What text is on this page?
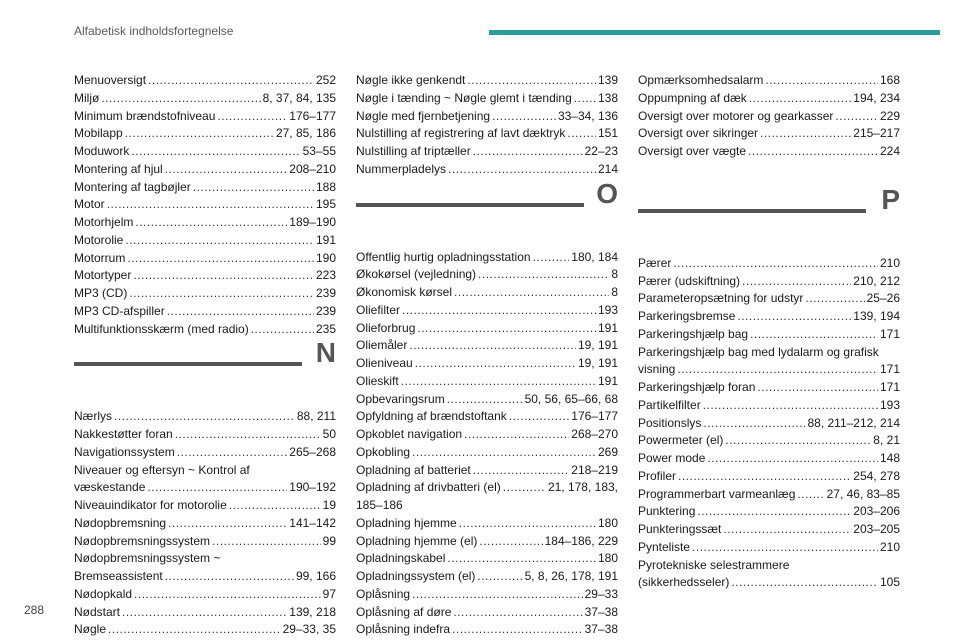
Alfabetisk indholdsfortegnelse
Menuoversigt .....	252
Miljø .....	8, 37, 84, 135
Minimum brændstofniveau .....	176–177
Mobilapp .....	27, 85, 186
Moduwork .....	53–55
Montering af hjul .....	208–210
Montering af tagbøjler .....	188
Motor .....	195
Motorhjelm .....	189–190
Motorolie .....	191
Motorrum .....	190
Motortyper .....	223
MP3 (CD) .....	239
MP3 CD-afspiller .....	239
Multifunktionsskærm (med radio) .....	235
N
Nærlys .....	88, 211
Nakkestøtter foran .....	50
Navigationssystem .....	265–268
Niveauer og eftersyn ~ Kontrol af
væskestande .....	190–192
Niveauindikator for motorolie .....	19
Nødopbremsning .....	141–142
Nødopbremsningssystem .....	99
Nødopbremsningssystem ~
Bremseassistent .....	99, 166
Nødopkald .....	97
Nødstart .....	139, 218
Nøgle .....	29–33, 35
Nøgle ikke genkendt .....	139
Nøgle i tænding ~ Nøgle glemt i tænding ..... 138
Nøgle med fjernbetjening .....	33–34, 136
Nulstilling af registrering af lavt dæktryk .....	151
Nulstilling af triptæller .....	22–23
Nummerpladelys .....	214
O
Offentlig hurtig opladningsstation .....	180, 184
Økokørsel (vejledning) .....	8
Økonomisk kørsel .....	8
Oliefilter .....	193
Olieforbrug .....	191
Oliemåler .....	19, 191
Olieniveau .....	19, 191
Olieskift .....	191
Opbevaringsrum .....	50, 56, 65–66, 68
Opfyldning af brændstoftank .....	176–177
Opkoblet navigation .....	268–270
Opkobling .....	269
Opladning af batteriet .....	218–219
Opladning af drivbatteri (el) .....	21, 178, 183,
185–186
Opladning hjemme .....	180
Opladning hjemme (el) .....	184–186, 229
Opladningskabel .....	180
Opladningssystem (el) .....	5, 8, 26, 178, 191
Oplåsning .....	29–33
Oplåsning af døre .....	37–38
Oplåsning indefra .....	37–38
Opmærksomhedsalarm .....	168
Oppumpning af dæk .....	194, 234
Oversigt over motorer og gearkasser .....	229
Oversigt over sikringer .....	215–217
Oversigt over vægte .....	224
P
Pærer .....	210
Pærer (udskiftning) .....	210, 212
Parameteropsætning for udstyr .....	25–26
Parkeringsbremse .....	139, 194
Parkeringshjælp bag .....	171
Parkeringshjælp bag med lydalarm og grafisk
visning .....	171
Parkeringshjælp foran .....	171
Partikelfilter .....	193
Positionslys .....	88, 211–212, 214
Powermeter (el) .....	8, 21
Power mode .....	148
Profiler .....	254, 278
Programmerbart varmeanlæg .....	27, 46, 83–85
Punktering .....	203–206
Punkteringssæt .....	203–205
Pynteliste .....	210
Pyrotekniske selestrammere
(sikkerhedsseler) .....	105
288
